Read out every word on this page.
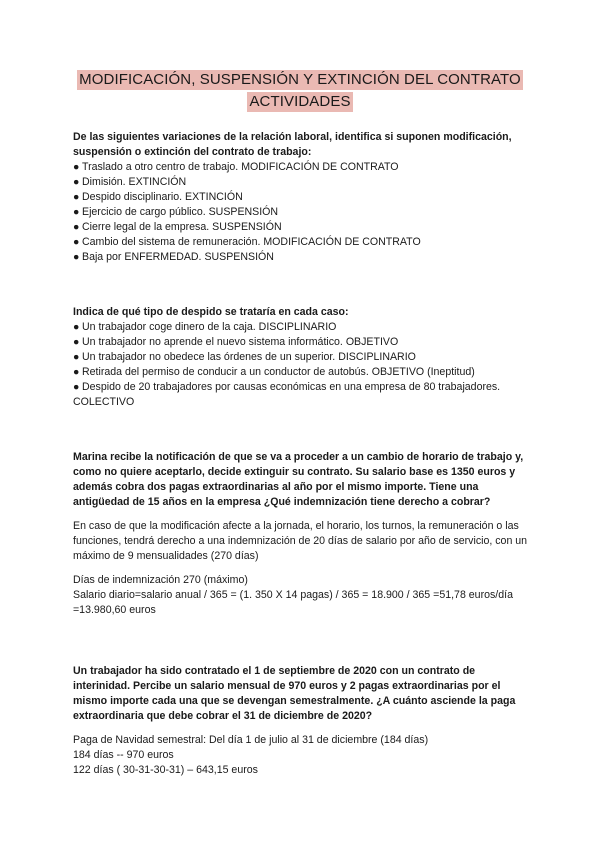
MODIFICACIÓN, SUSPENSIÓN Y EXTINCIÓN DEL CONTRATO
ACTIVIDADES

De las siguientes variaciones de la relación laboral, identifica si suponen modificación, suspensión o extinción del contrato de trabajo:

● Traslado a otro centro de trabajo. MODIFICACIÓN DE CONTRATO
● Dimisión. EXTINCIÓN
● Despido disciplinario. EXTINCIÓN
● Ejercicio de cargo público. SUSPENSIÓN
● Cierre legal de la empresa. SUSPENSIÓN
● Cambio del sistema de remuneración. MODIFICACIÓN DE CONTRATO
● Baja por ENFERMEDAD. SUSPENSIÓN

Indica de qué tipo de despido se trataría en cada caso:

● Un trabajador coge dinero de la caja. DISCIPLINARIO
● Un trabajador no aprende el nuevo sistema informático. OBJETIVO
● Un trabajador no obedece las órdenes de un superior. DISCIPLINARIO
● Retirada del permiso de conducir a un conductor de autobús. OBJETIVO (Ineptitud)
● Despido de 20 trabajadores por causas económicas en una empresa de 80 trabajadores. COLECTIVO

Marina recibe la notificación de que se va a proceder a un cambio de horario de trabajo y, como no quiere aceptarlo, decide extinguir su contrato. Su salario base es 1350 euros y además cobra dos pagas extraordinarias al año por el mismo importe. Tiene una antigüedad de 15 años en la empresa ¿Qué indemnización tiene derecho a cobrar?

En caso de que la modificación afecte a la jornada, el horario, los turnos, la remuneración o las funciones, tendrá derecho a una indemnización de 20 días de salario por año de servicio, con un máximo de 9 mensualidades (270 días)

Días de indemnización 270 (máximo)

Salario diario=salario anual / 365 = (1. 350 X 14 pagas) / 365 = 18.900 / 365 =51,78 euros/día =13.980,60 euros

Un trabajador ha sido contratado el 1 de septiembre de 2020 con un contrato de interinidad. Percibe un salario mensual de 970 euros y 2 pagas extraordinarias por el mismo importe cada una que se devengan semestralmente. ¿A cuánto asciende la paga extraordinaria que debe cobrar el 31 de diciembre de 2020?

Paga de Navidad semestral: Del día 1 de julio al 31 de diciembre (184 días)

184 días -- 970 euros

122 días ( 30-31-30-31) – 643,15 euros
